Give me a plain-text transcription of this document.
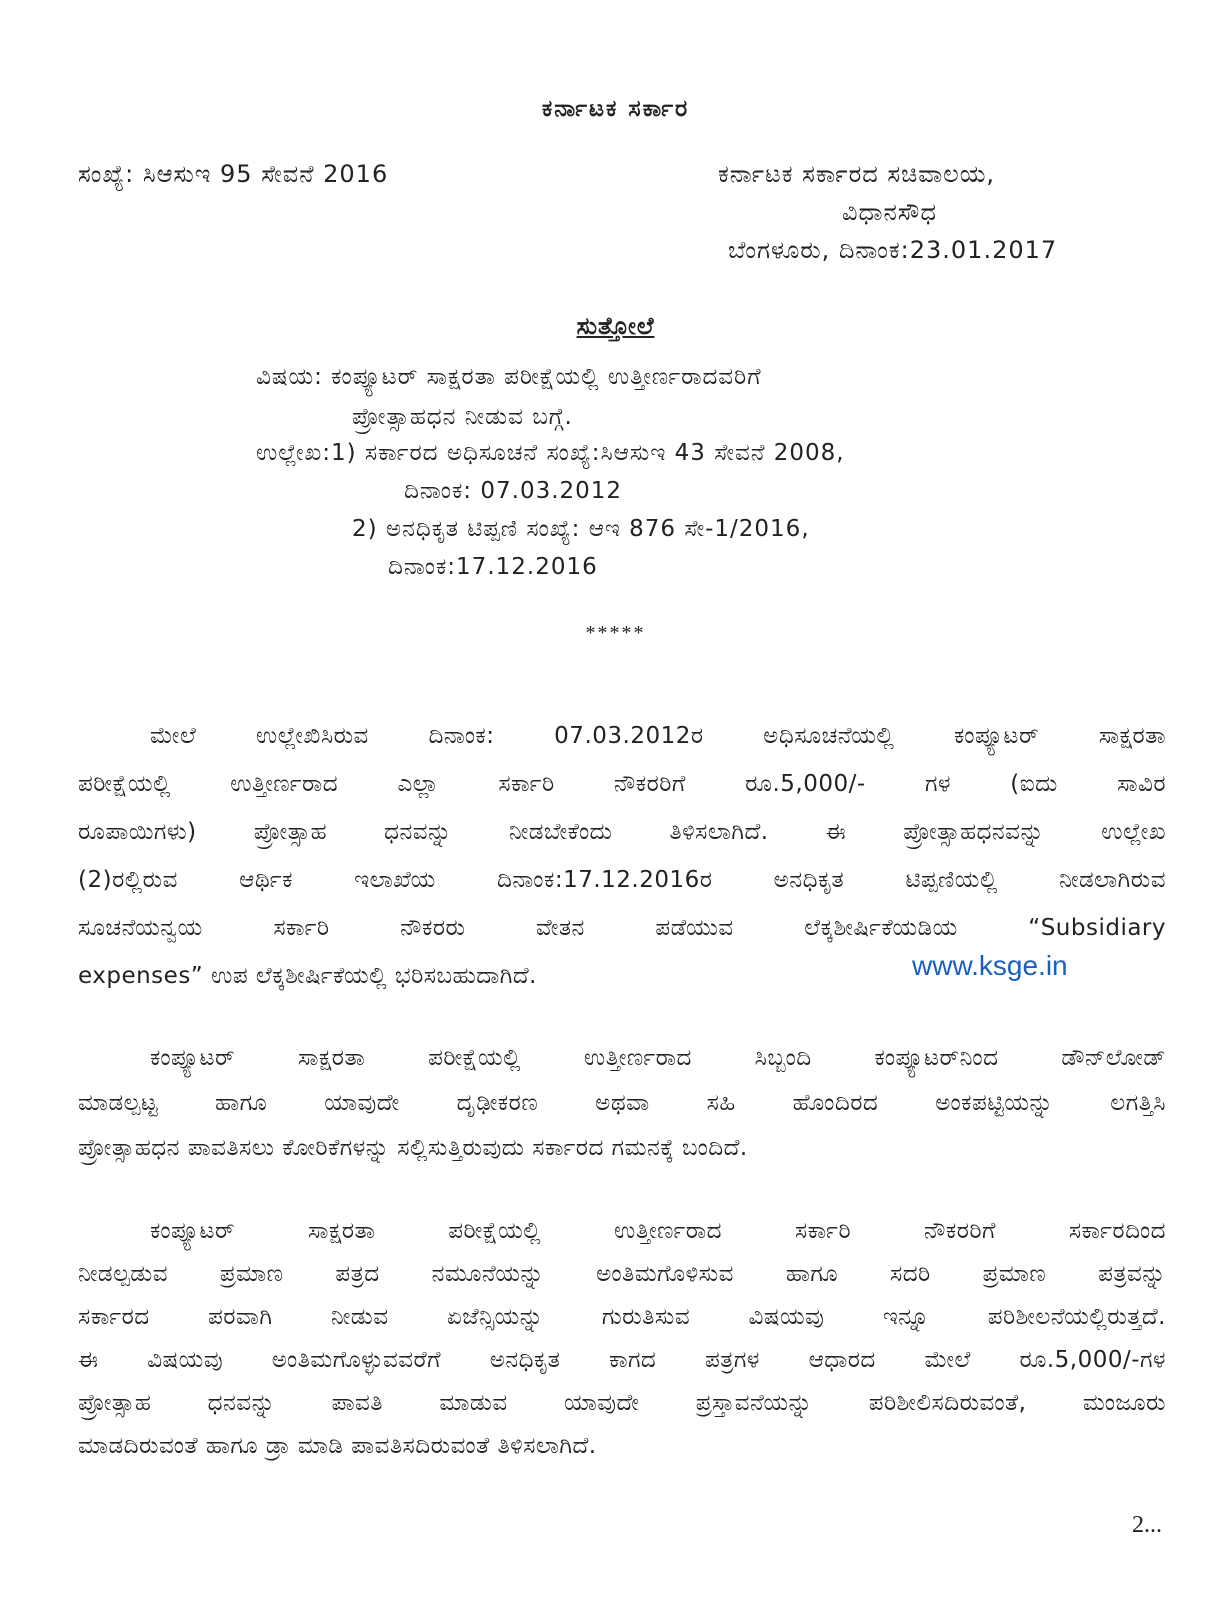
ಕರ್ನಾಟಕ ಸರ್ಕಾರ
ಸಂಖ್ಯೆ: ಸಿಆಸುಇ 95 ಸೇವನೆ 2016	ಕರ್ನಾಟಕ ಸರ್ಕಾರದ ಸಚಿವಾಲಯ,
ವಿಧಾನಸೌಧ
ಬೆಂಗಳೂರು, ದಿನಾಂಕ:23.01.2017
ಸುತ್ತೋಲೆ
ವಿಷಯ: ಕಂಪ್ಯೂಟರ್ ಸಾಕ್ಷರತಾ ಪರೀಕ್ಷೆಯಲ್ಲಿ ಉತ್ತೀರ್ಣರಾದವರಿಗೆ
ಪ್ರೋತ್ಸಾಹಧನ ನೀಡುವ ಬಗ್ಗೆ.
ಉಲ್ಲೇಖ:1) ಸರ್ಕಾರದ ಅಧಿಸೂಚನೆ ಸಂಖ್ಯೆ:ಸಿಆಸುಇ 43 ಸೇವನೆ 2008,
ದಿನಾಂಕ: 07.03.2012
2) ಅನಧಿಕೃತ ಟಿಪ್ಪಣಿ ಸಂಖ್ಯೆ: ಆಇ 876 ಸೇ-1/2016,
ದಿನಾಂಕ:17.12.2016
*****
ಮೇಲೆ ಉಲ್ಲೇಖಿಸಿರುವ ದಿನಾಂಕ: 07.03.2012ರ ಅಧಿಸೂಚನೆಯಲ್ಲಿ ಕಂಪ್ಯೂಟರ್ ಸಾಕ್ಷರತಾ
ಪರೀಕ್ಷೆಯಲ್ಲಿ ಉತ್ತೀರ್ಣರಾದ ಎಲ್ಲಾ ಸರ್ಕಾರಿ ನೌಕರರಿಗೆ ರೂ.5,000/- ಗಳ (ಐದು ಸಾವಿರ
ರೂಪಾಯಿಗಳು) ಪ್ರೋತ್ಸಾಹ ಧನವನ್ನು ನೀಡಬೇಕೆಂದು ತಿಳಿಸಲಾಗಿದೆ. ಈ ಪ್ರೋತ್ಸಾಹಧನವನ್ನು ಉಲ್ಲೇಖ
(2)ರಲ್ಲಿರುವ ಆರ್ಥಿಕ ಇಲಾಖೆಯ ದಿನಾಂಕ:17.12.2016ರ ಅನಧಿಕೃತ ಟಿಪ್ಪಣಿಯಲ್ಲಿ ನೀಡಲಾಗಿರುವ
ಸೂಚನೆಯನ್ವಯ ಸರ್ಕಾರಿ ನೌಕರರು ವೇತನ ಪಡೆಯುವ ಲೆಕ್ಕಶೀರ್ಷಿಕೆಯಡಿಯ “Subsidiary
expenses” ಉಪ ಲೆಕ್ಕಶೀರ್ಷಿಕೆಯಲ್ಲಿ ಭರಿಸಬಹುದಾಗಿದೆ.	www.ksge.in
ಕಂಪ್ಯೂಟರ್ ಸಾಕ್ಷರತಾ ಪರೀಕ್ಷೆಯಲ್ಲಿ ಉತ್ತೀರ್ಣರಾದ ಸಿಬ್ಬಂದಿ ಕಂಪ್ಯೂಟರ್‌ನಿಂದ ಡೌನ್‌ಲೋಡ್
ಮಾಡಲ್ಪಟ್ಟ ಹಾಗೂ ಯಾವುದೇ ದೃಢೀಕರಣ ಅಥವಾ ಸಹಿ ಹೊಂದಿರದ ಅಂಕಪಟ್ಟಿಯನ್ನು ಲಗತ್ತಿಸಿ
ಪ್ರೋತ್ಸಾಹಧನ ಪಾವತಿಸಲು ಕೋರಿಕೆಗಳನ್ನು ಸಲ್ಲಿಸುತ್ತಿರುವುದು ಸರ್ಕಾರದ ಗಮನಕ್ಕೆ ಬಂದಿದೆ.
ಕಂಪ್ಯೂಟರ್ ಸಾಕ್ಷರತಾ ಪರೀಕ್ಷೆಯಲ್ಲಿ ಉತ್ತೀರ್ಣರಾದ ಸರ್ಕಾರಿ ನೌಕರರಿಗೆ ಸರ್ಕಾರದಿಂದ
ನೀಡಲ್ಪಡುವ ಪ್ರಮಾಣ ಪತ್ರದ ನಮೂನೆಯನ್ನು ಅಂತಿಮಗೊಳಿಸುವ ಹಾಗೂ ಸದರಿ ಪ್ರಮಾಣ ಪತ್ರವನ್ನು
ಸರ್ಕಾರದ ಪರವಾಗಿ ನೀಡುವ ಏಜೆನ್ಸಿಯನ್ನು ಗುರುತಿಸುವ ವಿಷಯವು ಇನ್ನೂ ಪರಿಶೀಲನೆಯಲ್ಲಿರುತ್ತದೆ.
ಈ ವಿಷಯವು ಅಂತಿಮಗೊಳ್ಳುವವರೆಗೆ ಅನಧಿಕೃತ ಕಾಗದ ಪತ್ರಗಳ ಆಧಾರದ ಮೇಲೆ ರೂ.5,000/-ಗಳ
ಪ್ರೋತ್ಸಾಹ ಧನವನ್ನು ಪಾವತಿ ಮಾಡುವ ಯಾವುದೇ ಪ್ರಸ್ತಾವನೆಯನ್ನು ಪರಿಶೀಲಿಸದಿರುವಂತೆ, ಮಂಜೂರು
ಮಾಡದಿರುವಂತೆ ಹಾಗೂ ಡ್ರಾ ಮಾಡಿ ಪಾವತಿಸದಿರುವಂತೆ ತಿಳಿಸಲಾಗಿದೆ.
2...
